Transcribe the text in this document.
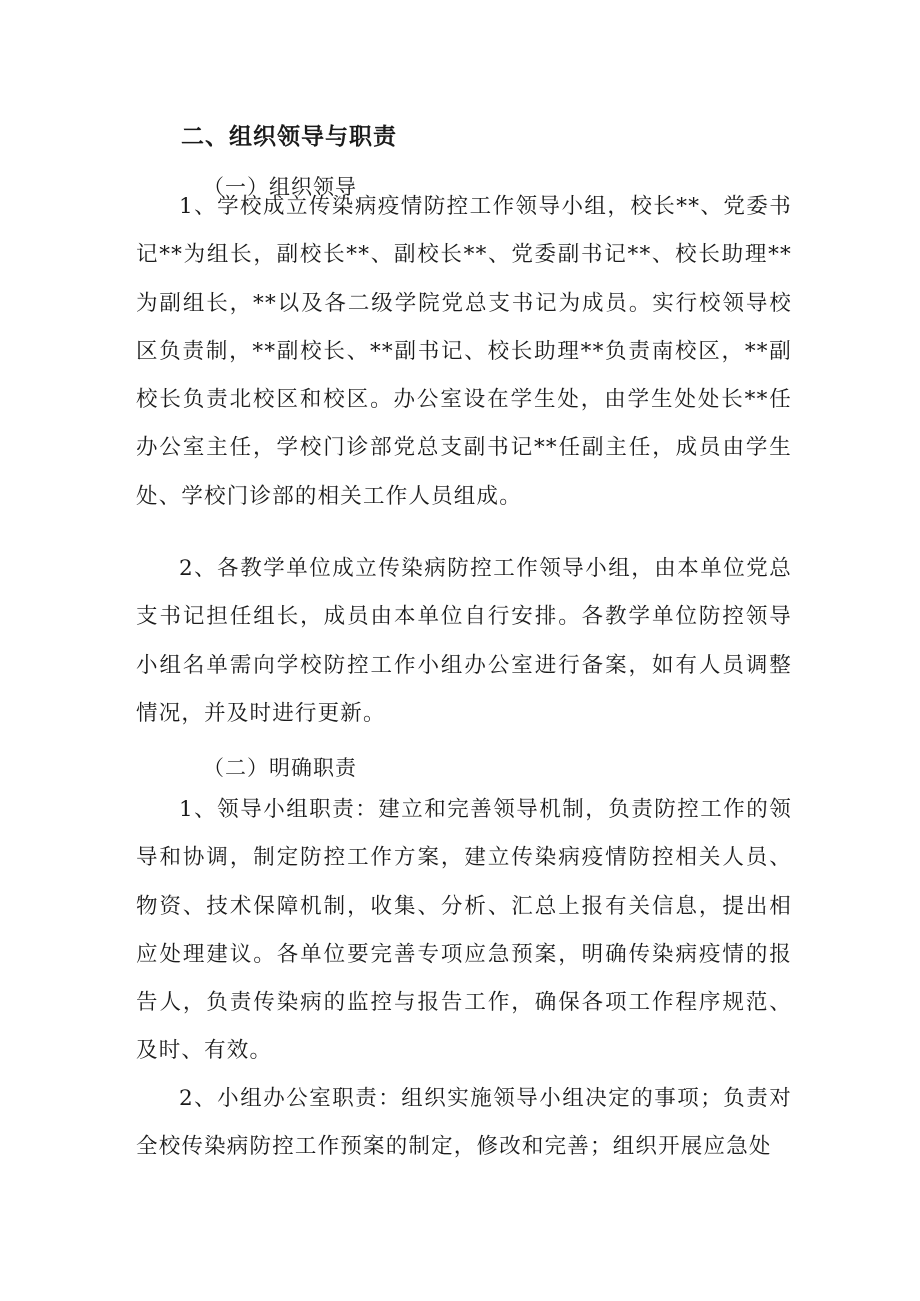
二、组织领导与职责
（一）组织领导

1、学校成立传染病疫情防控工作领导小组，校长**、党委书记**为组长，副校长**、副校长**、党委副书记**、校长助理**为副组长，**以及各二级学院党总支书记为成员。实行校领导校区负责制，**副校长、**副书记、校长助理**负责南校区，**副校长负责北校区和校区。办公室设在学生处，由学生处处长**任办公室主任，学校门诊部党总支副书记**任副主任，成员由学生处、学校门诊部的相关工作人员组成。

2、各教学单位成立传染病防控工作领导小组，由本单位党总支书记担任组长，成员由本单位自行安排。各教学单位防控领导小组名单需向学校防控工作小组办公室进行备案，如有人员调整情况，并及时进行更新。

（二）明确职责

1、领导小组职责：建立和完善领导机制，负责防控工作的领导和协调，制定防控工作方案，建立传染病疫情防控相关人员、物资、技术保障机制，收集、分析、汇总上报有关信息，提出相应处理建议。各单位要完善专项应急预案，明确传染病疫情的报告人，负责传染病的监控与报告工作，确保各项工作程序规范、及时、有效。

2、小组办公室职责：组织实施领导小组决定的事项；负责对全校传染病防控工作预案的制定，修改和完善；组织开展应急处
